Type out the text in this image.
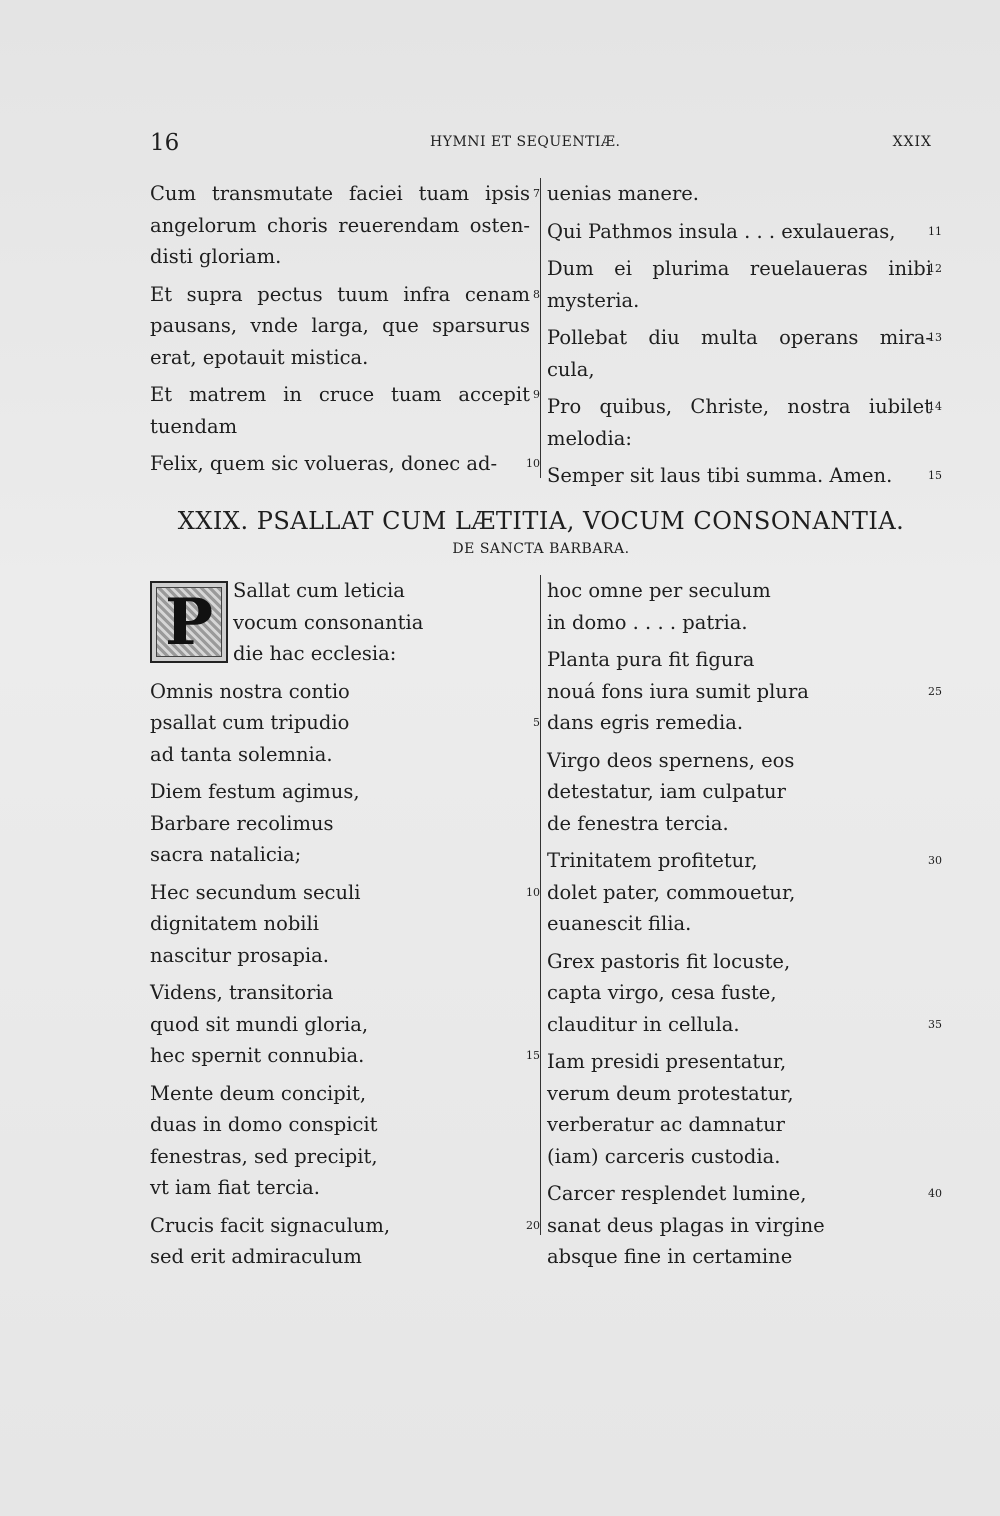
16	HYMNI ET SEQUENTIÆ.	XXIX
Cum transmutate faciei tuam ipsis 7
angelorum choris reuerendam osten-
disti gloriam.
Et supra pectus tuum infra cenam 8
pausans, vnde larga, que sparsurus
erat, epotauit mistica.
Et matrem in cruce tuam accepit 9
tuendam
Felix, quem sic volueras, donec ad-	10
uenias manere.
Qui Pathmos insula . . . exulaueras,	11
Dum ei plurima reuelaueras inibi
12
mysteria.
Pollebat diu multa operans mira-
13
cula,
Pro quibus, Christe, nostra iubilet
14
melodia:
Semper sit laus tibi summa. Amen.	15
XXIX. PSALLAT CUM LÆTITIA, VOCUM CONSONANTIA.
DE SANCTA BARBARA.
P	Sallat cum leticia
vocum consonantia
die hac ecclesia:
Omnis nostra contio
psallat cum tripudio	5
ad tanta solemnia.
Diem festum agimus,
Barbare recolimus
sacra natalicia;
Hec secundum seculi	10
dignitatem nobili
nascitur prosapia.
Videns, transitoria
quod sit mundi gloria,
hec spernit connubia.	15
Mente deum concipit,
duas in domo conspicit
fenestras, sed precipit,
vt iam fiat tercia.
Crucis facit signaculum,	20
sed erit admiraculum
hoc omne per seculum
in domo . . . . patria.
Planta pura fit figura
nouá fons iura sumit plura	25
dans egris remedia.
Virgo deos spernens, eos
detestatur, iam culpatur
de fenestra tercia.
Trinitatem profitetur,	30
dolet pater, commouetur,
euanescit filia.
Grex pastoris fit locuste,
capta virgo, cesa fuste,
clauditur in cellula.	35
Iam presidi presentatur,
verum deum protestatur,
verberatur ac damnatur
(iam) carceris custodia.
Carcer resplendet lumine,	40
sanat deus plagas in virgine
absque fine in certamine
